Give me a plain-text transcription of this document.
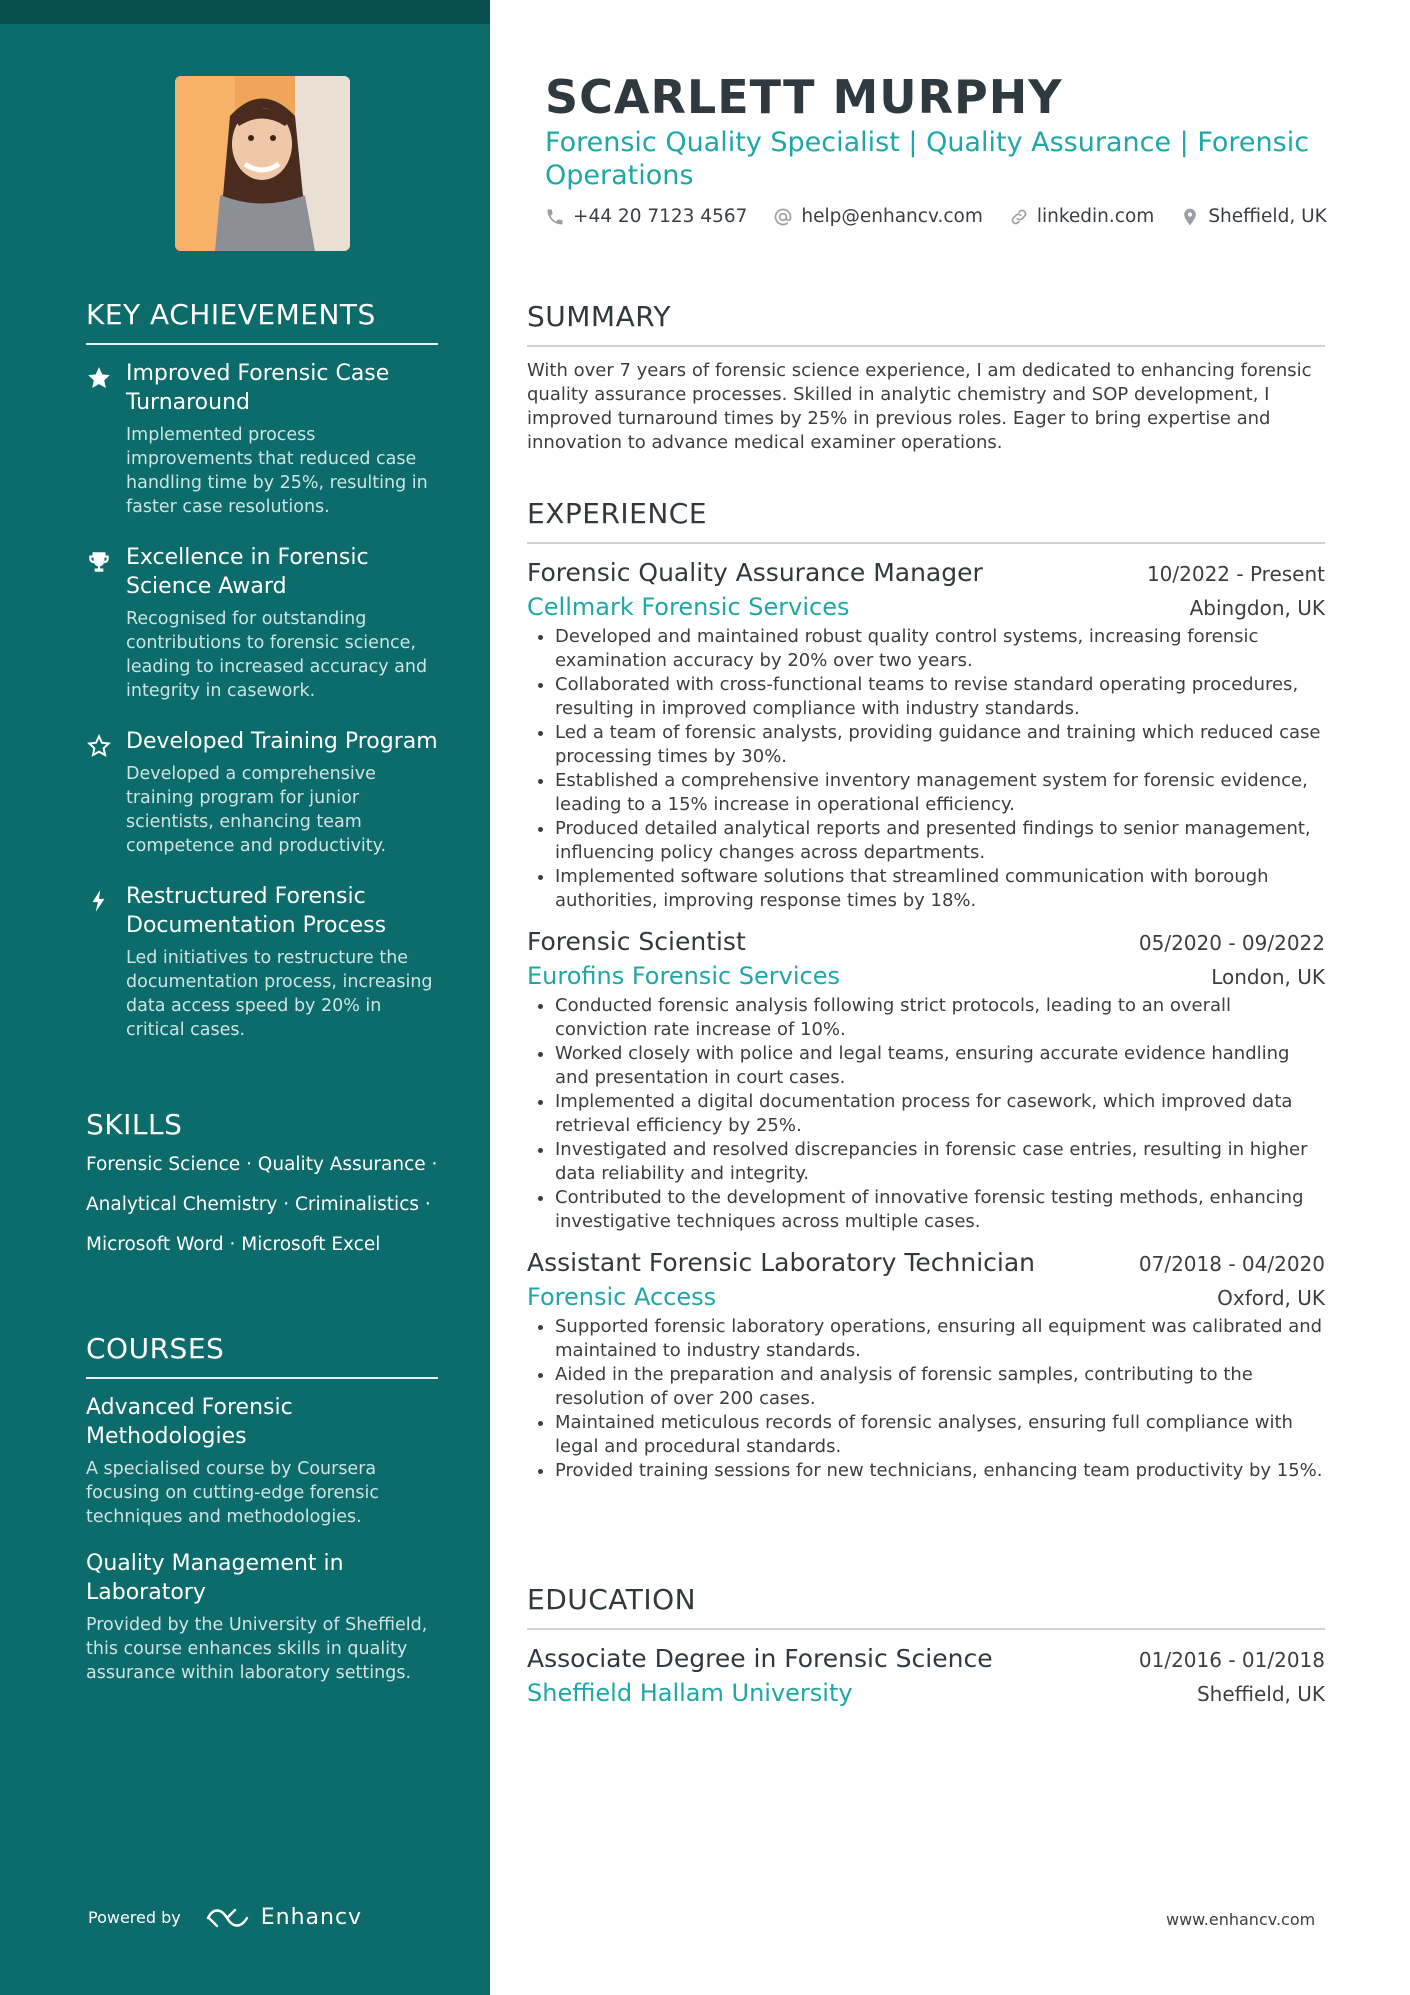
KEY ACHIEVEMENTS
Improved Forensic Case Turnaround
Implemented process improvements that reduced case handling time by 25%, resulting in faster case resolutions.
Excellence in Forensic Science Award
Recognised for outstanding contributions to forensic science, leading to increased accuracy and integrity in casework.
Developed Training Program
Developed a comprehensive training program for junior scientists, enhancing team competence and productivity.
Restructured Forensic Documentation Process
Led initiatives to restructure the documentation process, increasing data access speed by 20% in critical cases.
SKILLS
Forensic Science · Quality Assurance ·
Analytical Chemistry · Criminalistics ·
Microsoft Word · Microsoft Excel
COURSES
Advanced Forensic Methodologies
A specialised course by Coursera focusing on cutting-edge forensic techniques and methodologies.
Quality Management in Laboratory
Provided by the University of Sheffield, this course enhances skills in quality assurance within laboratory settings.
Powered by	Enhancv
SCARLETT MURPHY
Forensic Quality Specialist | Quality Assurance | Forensic Operations
+44 20 7123 4567	help@enhancv.com	linkedin.com	Sheffield, UK
SUMMARY
With over 7 years of forensic science experience, I am dedicated to enhancing forensic quality assurance processes. Skilled in analytic chemistry and SOP development, I improved turnaround times by 25% in previous roles. Eager to bring expertise and innovation to advance medical examiner operations.
EXPERIENCE
Forensic Quality Assurance Manager	10/2022 - Present
Cellmark Forensic Services	Abingdon, UK
• Developed and maintained robust quality control systems, increasing forensic examination accuracy by 20% over two years.
• Collaborated with cross-functional teams to revise standard operating procedures, resulting in improved compliance with industry standards.
• Led a team of forensic analysts, providing guidance and training which reduced case processing times by 30%.
• Established a comprehensive inventory management system for forensic evidence, leading to a 15% increase in operational efficiency.
• Produced detailed analytical reports and presented findings to senior management, influencing policy changes across departments.
• Implemented software solutions that streamlined communication with borough authorities, improving response times by 18%.
Forensic Scientist	05/2020 - 09/2022
Eurofins Forensic Services	London, UK
• Conducted forensic analysis following strict protocols, leading to an overall conviction rate increase of 10%.
• Worked closely with police and legal teams, ensuring accurate evidence handling and presentation in court cases.
• Implemented a digital documentation process for casework, which improved data retrieval efficiency by 25%.
• Investigated and resolved discrepancies in forensic case entries, resulting in higher data reliability and integrity.
• Contributed to the development of innovative forensic testing methods, enhancing investigative techniques across multiple cases.
Assistant Forensic Laboratory Technician	07/2018 - 04/2020
Forensic Access	Oxford, UK
• Supported forensic laboratory operations, ensuring all equipment was calibrated and maintained to industry standards.
• Aided in the preparation and analysis of forensic samples, contributing to the resolution of over 200 cases.
• Maintained meticulous records of forensic analyses, ensuring full compliance with legal and procedural standards.
• Provided training sessions for new technicians, enhancing team productivity by 15%.
EDUCATION
Associate Degree in Forensic Science	01/2016 - 01/2018
Sheffield Hallam University	Sheffield, UK
www.enhancv.com
